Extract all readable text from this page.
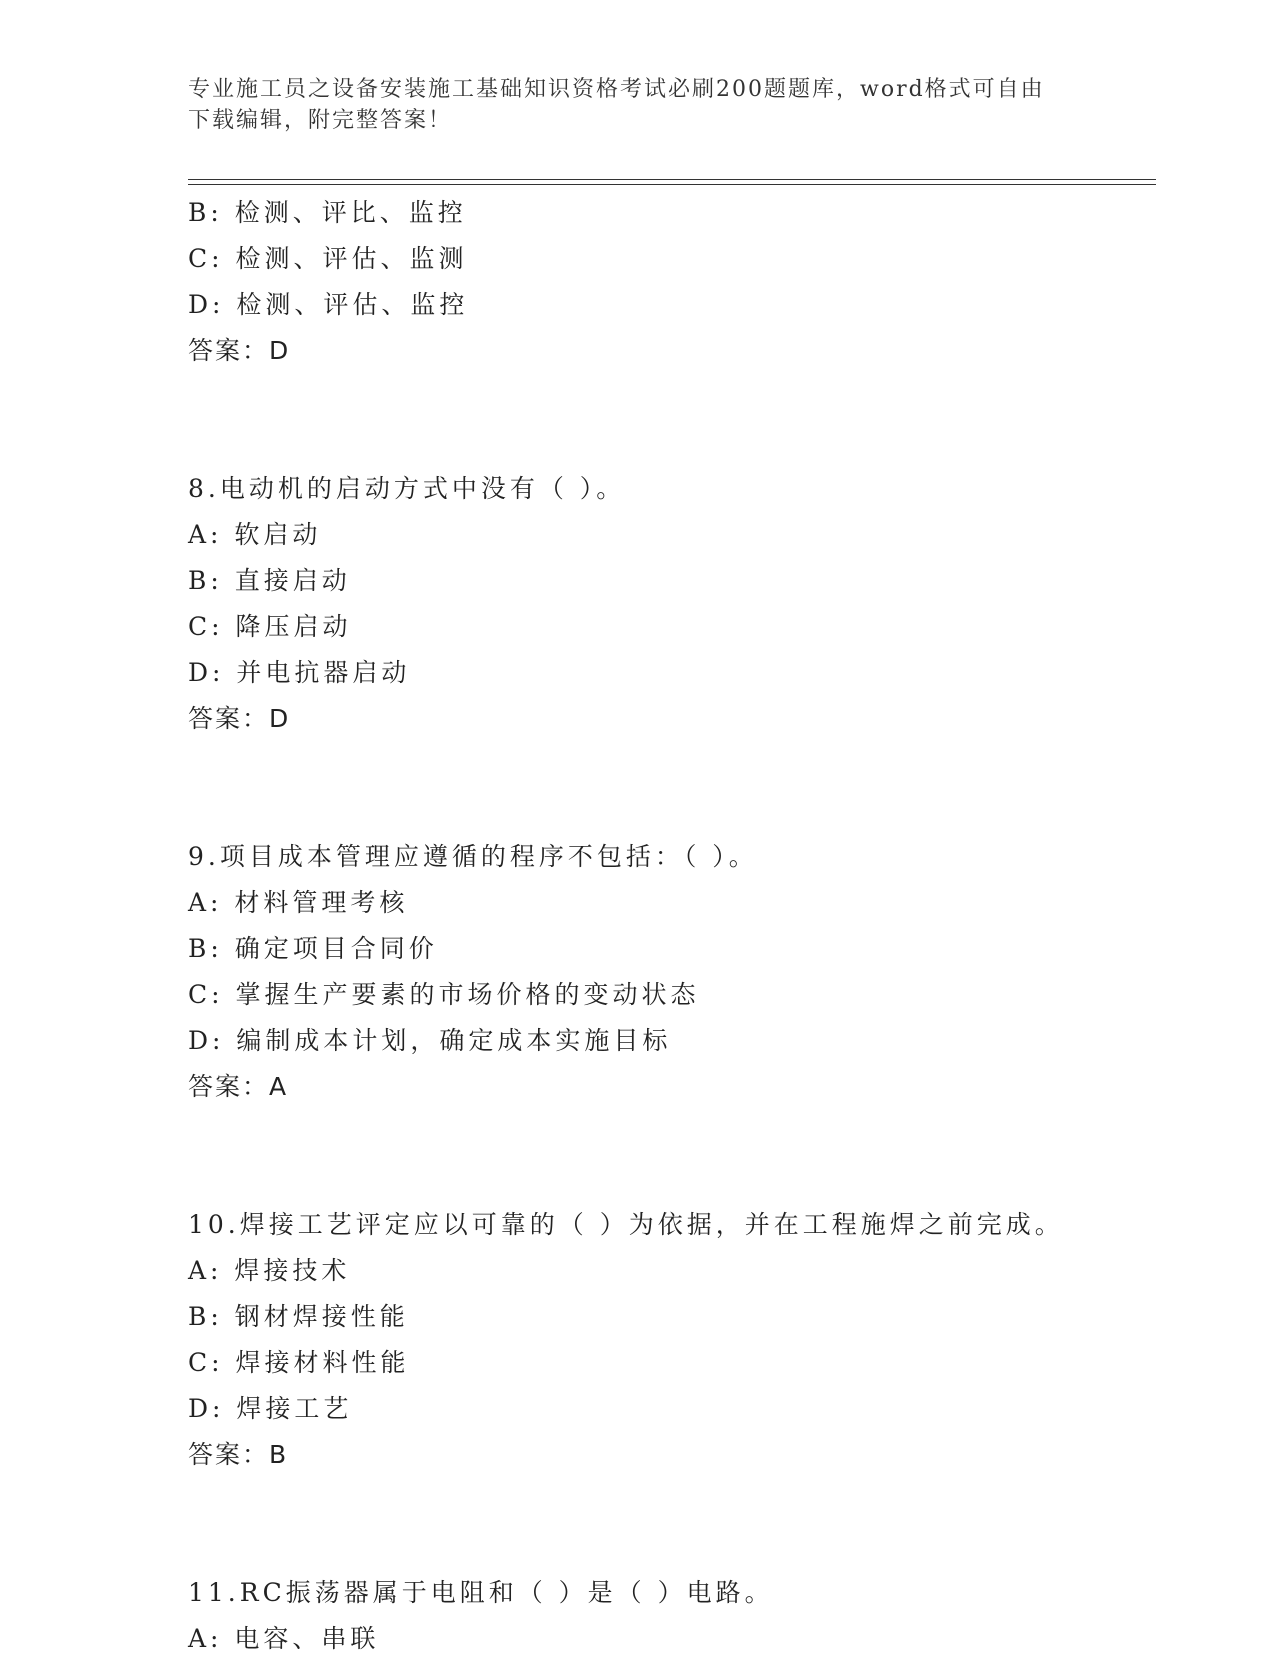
专业施工员之设备安装施工基础知识资格考试必刷200题题库，word格式可自由
下载编辑，附完整答案！
B: 检测、评比、监控
C: 检测、评估、监测
D: 检测、评估、监控
答案：D
8.电动机的启动方式中没有（ ）。
A: 软启动
B: 直接启动
C: 降压启动
D: 并电抗器启动
答案：D
9.项目成本管理应遵循的程序不包括：（ ）。
A: 材料管理考核
B: 确定项目合同价
C: 掌握生产要素的市场价格的变动状态
D: 编制成本计划，确定成本实施目标
答案：A
10.焊接工艺评定应以可靠的（ ）为依据，并在工程施焊之前完成。
A: 焊接技术
B: 钢材焊接性能
C: 焊接材料性能
D: 焊接工艺
答案：B
11.RC振荡器属于电阻和（ ）是（ ）电路。
A: 电容、串联
